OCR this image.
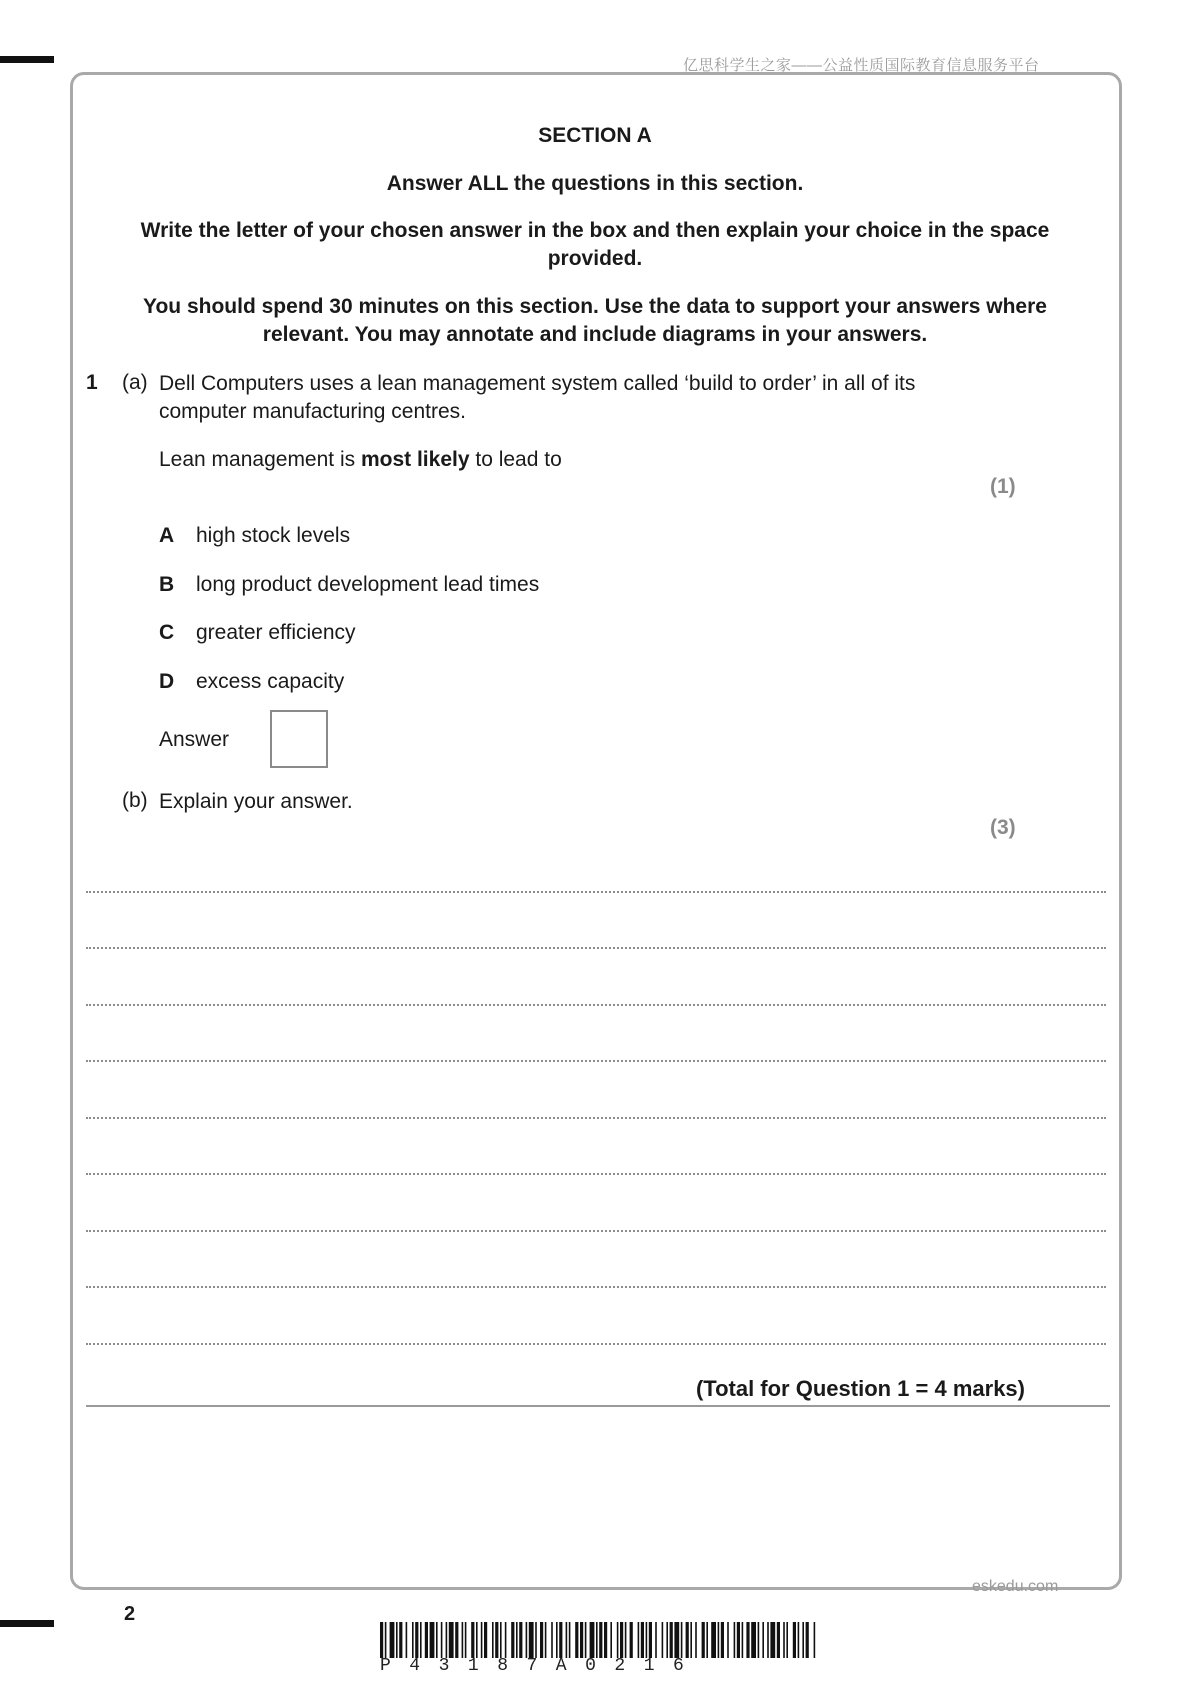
亿思科学生之家——公益性质国际教育信息服务平台
SECTION A
Answer ALL the questions in this section.
Write the letter of your chosen answer in the box and then explain your choice in the space
provided.
You should spend 30 minutes on this section. Use the data to support your answers where
relevant. You may annotate and include diagrams in your answers.
1 (a) Dell Computers uses a lean management system called ‘build to order’ in all of its
computer manufacturing centres.
Lean management is most likely to lead to
(1)
A high stock levels
B long product development lead times
C greater efficiency
D excess capacity
Answer
(b) Explain your answer.
(3)
(Total for Question 1 = 4 marks)
eskedu.com
2
P43187A0216
